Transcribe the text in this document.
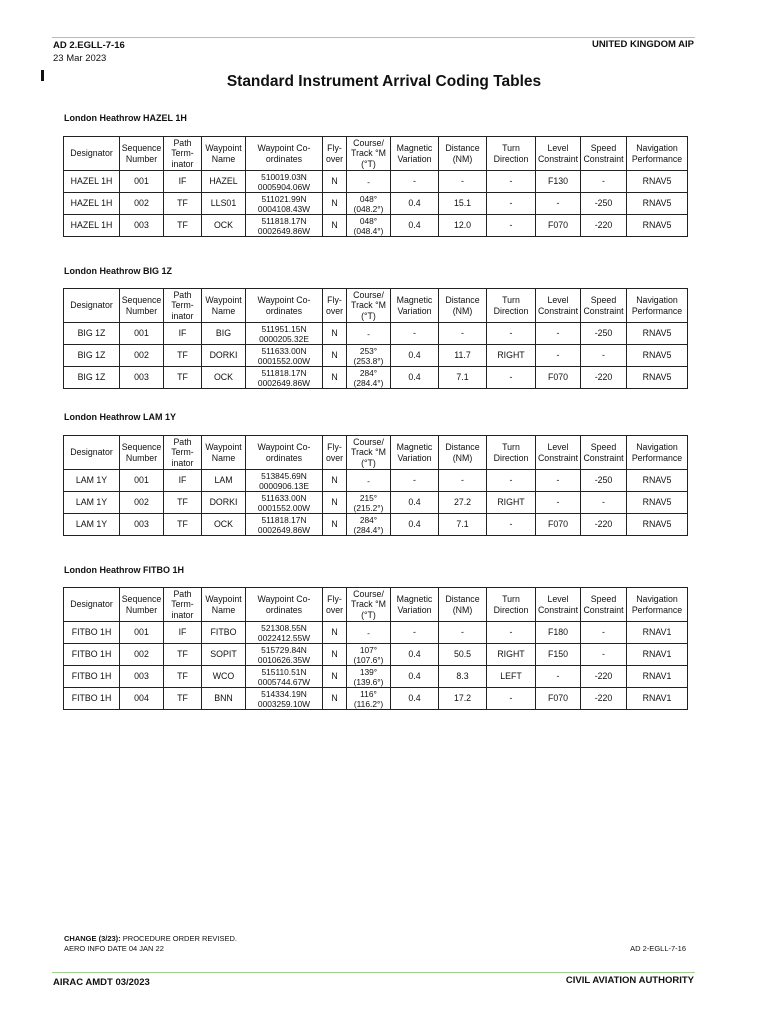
AD 2.EGLL-7-16
23 Mar 2023
UNITED KINGDOM AIP
Standard Instrument Arrival Coding Tables
London Heathrow HAZEL 1H
Designator	Sequence Number	Path Term-inator	Waypoint Name	Waypoint Co-ordinates	Fly-over	Course/ Track °M (°T)	Magnetic Variation	Distance (NM)	Turn Direction	Level Constraint	Speed Constraint	Navigation Performance
HAZEL 1H	001	IF	HAZEL	510019.03N 0005904.06W	N	-	-	-	-	F130	-	RNAV5
HAZEL 1H	002	TF	LLS01	511021.99N 0004108.43W	N	048° (048.2°)	0.4	15.1	-	-	-250	RNAV5
HAZEL 1H	003	TF	OCK	511818.17N 0002649.86W	N	048° (048.4°)	0.4	12.0	-	F070	-220	RNAV5
London Heathrow BIG 1Z
Designator	Sequence Number	Path Term-inator	Waypoint Name	Waypoint Co-ordinates	Fly-over	Course/ Track °M (°T)	Magnetic Variation	Distance (NM)	Turn Direction	Level Constraint	Speed Constraint	Navigation Performance
BIG 1Z	001	IF	BIG	511951.15N 0000205.32E	N	-	-	-	-	-	-250	RNAV5
BIG 1Z	002	TF	DORKI	511633.00N 0001552.00W	N	253° (253.8°)	0.4	11.7	RIGHT	-	-	RNAV5
BIG 1Z	003	TF	OCK	511818.17N 0002649.86W	N	284° (284.4°)	0.4	7.1	-	F070	-220	RNAV5
London Heathrow LAM 1Y
Designator	Sequence Number	Path Term-inator	Waypoint Name	Waypoint Co-ordinates	Fly-over	Course/ Track °M (°T)	Magnetic Variation	Distance (NM)	Turn Direction	Level Constraint	Speed Constraint	Navigation Performance
LAM 1Y	001	IF	LAM	513845.69N 0000906.13E	N	-	-	-	-	-	-250	RNAV5
LAM 1Y	002	TF	DORKI	511633.00N 0001552.00W	N	215° (215.2°)	0.4	27.2	RIGHT	-	-	RNAV5
LAM 1Y	003	TF	OCK	511818.17N 0002649.86W	N	284° (284.4°)	0.4	7.1	-	F070	-220	RNAV5
London Heathrow FITBO 1H
Designator	Sequence Number	Path Term-inator	Waypoint Name	Waypoint Co-ordinates	Fly-over	Course/ Track °M (°T)	Magnetic Variation	Distance (NM)	Turn Direction	Level Constraint	Speed Constraint	Navigation Performance
FITBO 1H	001	IF	FITBO	521308.55N 0022412.55W	N	-	-	-	-	F180	-	RNAV1
FITBO 1H	002	TF	SOPIT	515729.84N 0010626.35W	N	107° (107.6°)	0.4	50.5	RIGHT	F150	-	RNAV1
FITBO 1H	003	TF	WCO	515110.51N 0005744.67W	N	139° (139.6°)	0.4	8.3	LEFT	-	-220	RNAV1
FITBO 1H	004	TF	BNN	514334.19N 0003259.10W	N	116° (116.2°)	0.4	17.2	-	F070	-220	RNAV1
CHANGE (3/23): PROCEDURE ORDER REVISED.
AERO INFO DATE 04 JAN 22	AD 2-EGLL-7-16
AIRAC AMDT 03/2023	CIVIL AVIATION AUTHORITY
